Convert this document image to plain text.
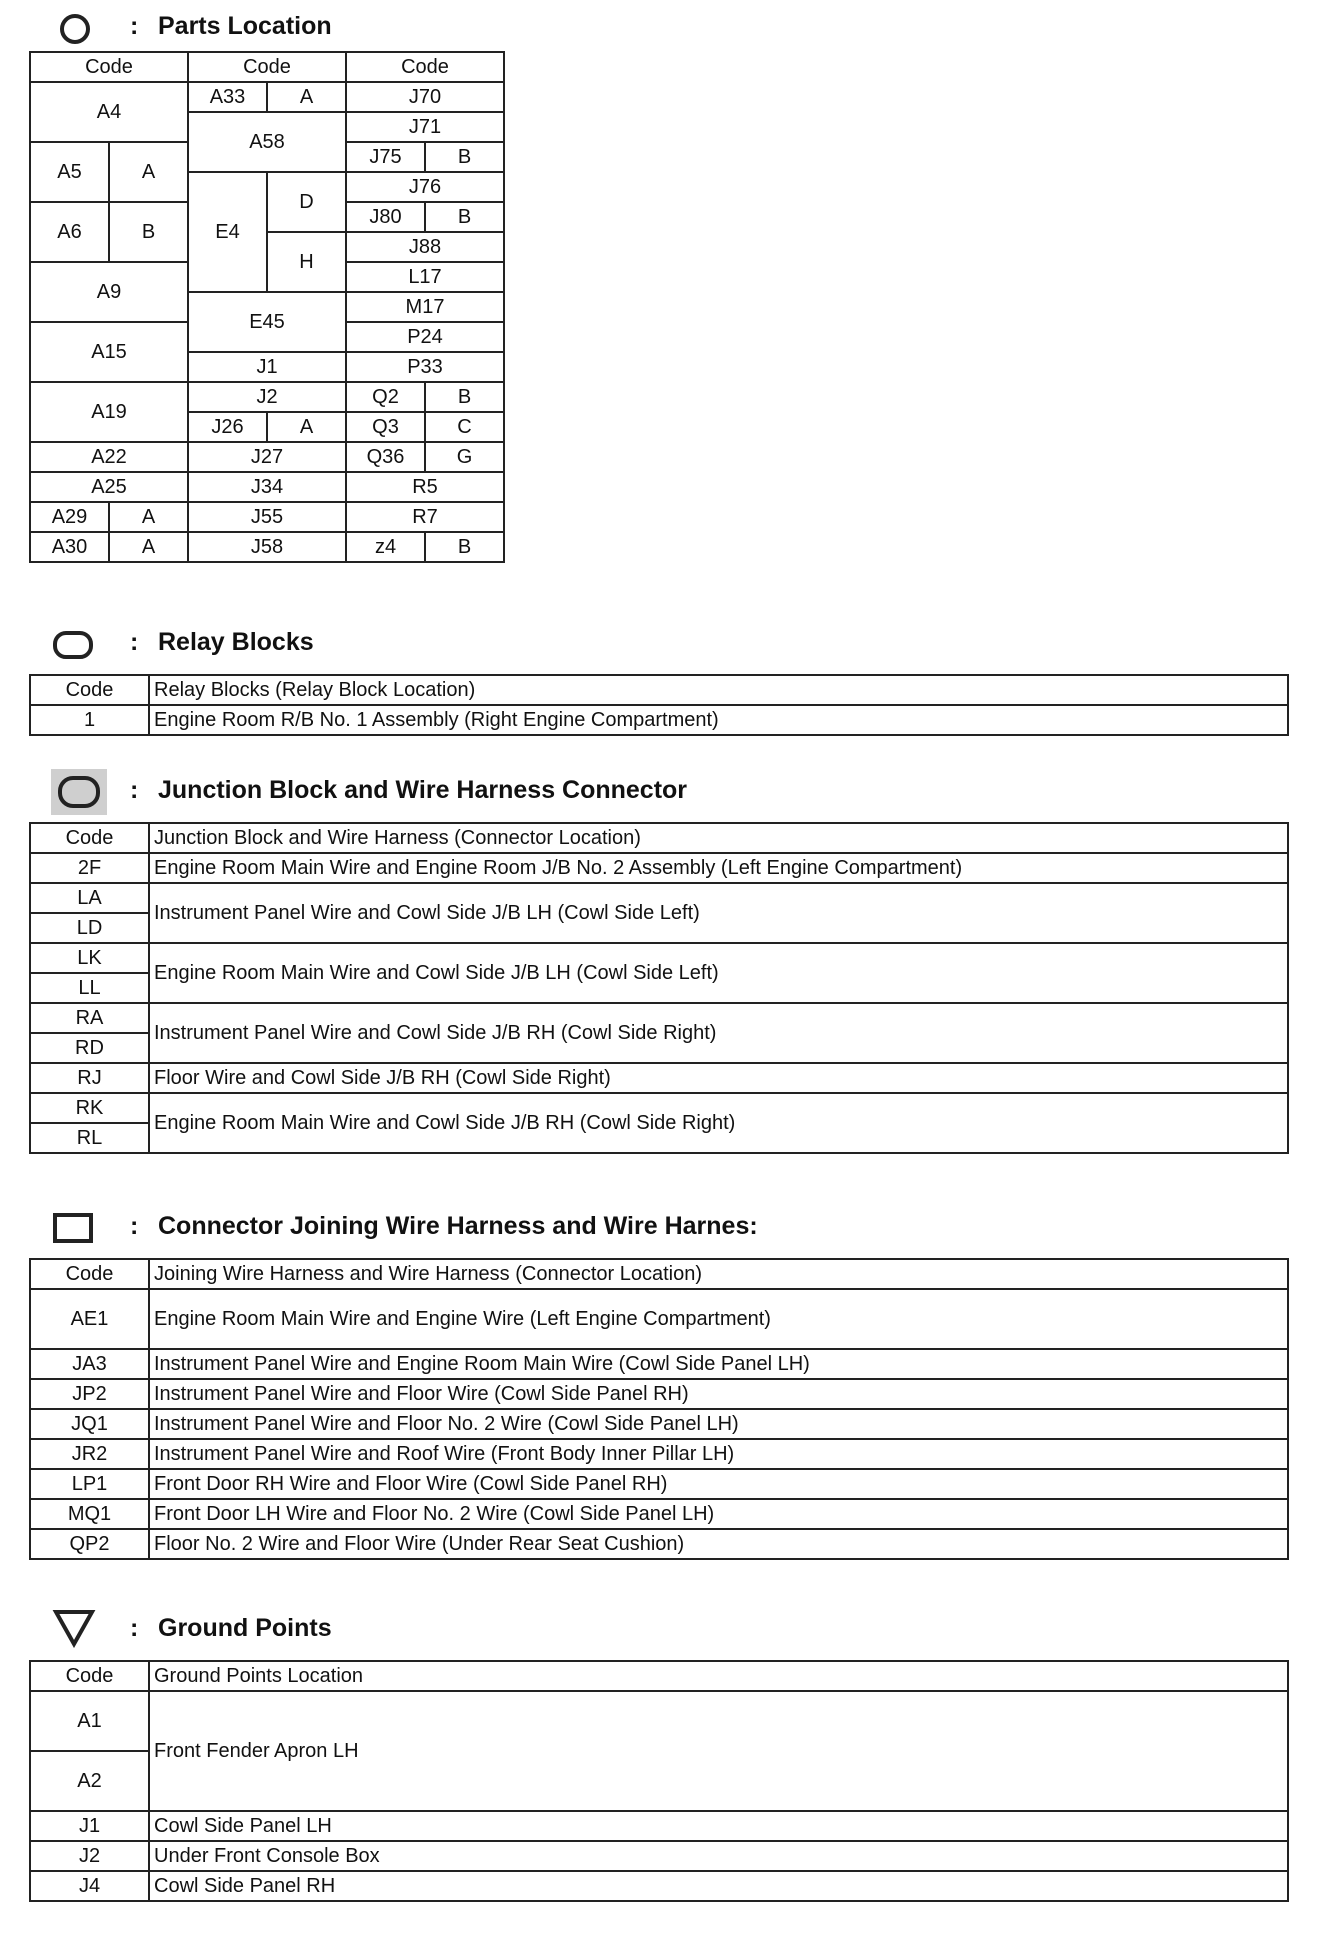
: Parts Location
Code		Code		Code	
A4		A33	A	J70	
		A58		J71	
A5	A			J75	B
		E4	D	J76	
A6	B			J80	B
			H	J88	
A9				L17	
		E45		M17	
A15				P24	
		J1		P33	
A19		J2		Q2	B
		J26	A	Q3	C
A22		J27		Q36	G
A25		J34		R5	
A29	A	J55		R7	
A30	A	J58		z4	B
: Relay Blocks
Code	Relay Blocks (Relay Block Location)
1	Engine Room R/B No. 1 Assembly (Right Engine Compartment)
: Junction Block and Wire Harness Connector
Code	Junction Block and Wire Harness (Connector Location)
2F	Engine Room Main Wire and Engine Room J/B No. 2 Assembly (Left Engine Compartment)
LA	Instrument Panel Wire and Cowl Side J/B LH (Cowl Side Left)
LD	
LK	Engine Room Main Wire and Cowl Side J/B LH (Cowl Side Left)
LL	
RA	Instrument Panel Wire and Cowl Side J/B RH (Cowl Side Right)
RD	
RJ	Floor Wire and Cowl Side J/B RH (Cowl Side Right)
RK	Engine Room Main Wire and Cowl Side J/B RH (Cowl Side Right)
RL	
: Connector Joining Wire Harness and Wire Harnes:
Code	Joining Wire Harness and Wire Harness (Connector Location)
AE1	Engine Room Main Wire and Engine Wire (Left Engine Compartment)
JA3	Instrument Panel Wire and Engine Room Main Wire (Cowl Side Panel LH)
JP2	Instrument Panel Wire and Floor Wire (Cowl Side Panel RH)
JQ1	Instrument Panel Wire and Floor No. 2 Wire (Cowl Side Panel LH)
JR2	Instrument Panel Wire and Roof Wire (Front Body Inner Pillar LH)
LP1	Front Door RH Wire and Floor Wire (Cowl Side Panel RH)
MQ1	Front Door LH Wire and Floor No. 2 Wire (Cowl Side Panel LH)
QP2	Floor No. 2 Wire and Floor Wire (Under Rear Seat Cushion)
: Ground Points
Code	Ground Points Location
A1	Front Fender Apron LH
A2	
J1	Cowl Side Panel LH
J2	Under Front Console Box
J4	Cowl Side Panel RH
